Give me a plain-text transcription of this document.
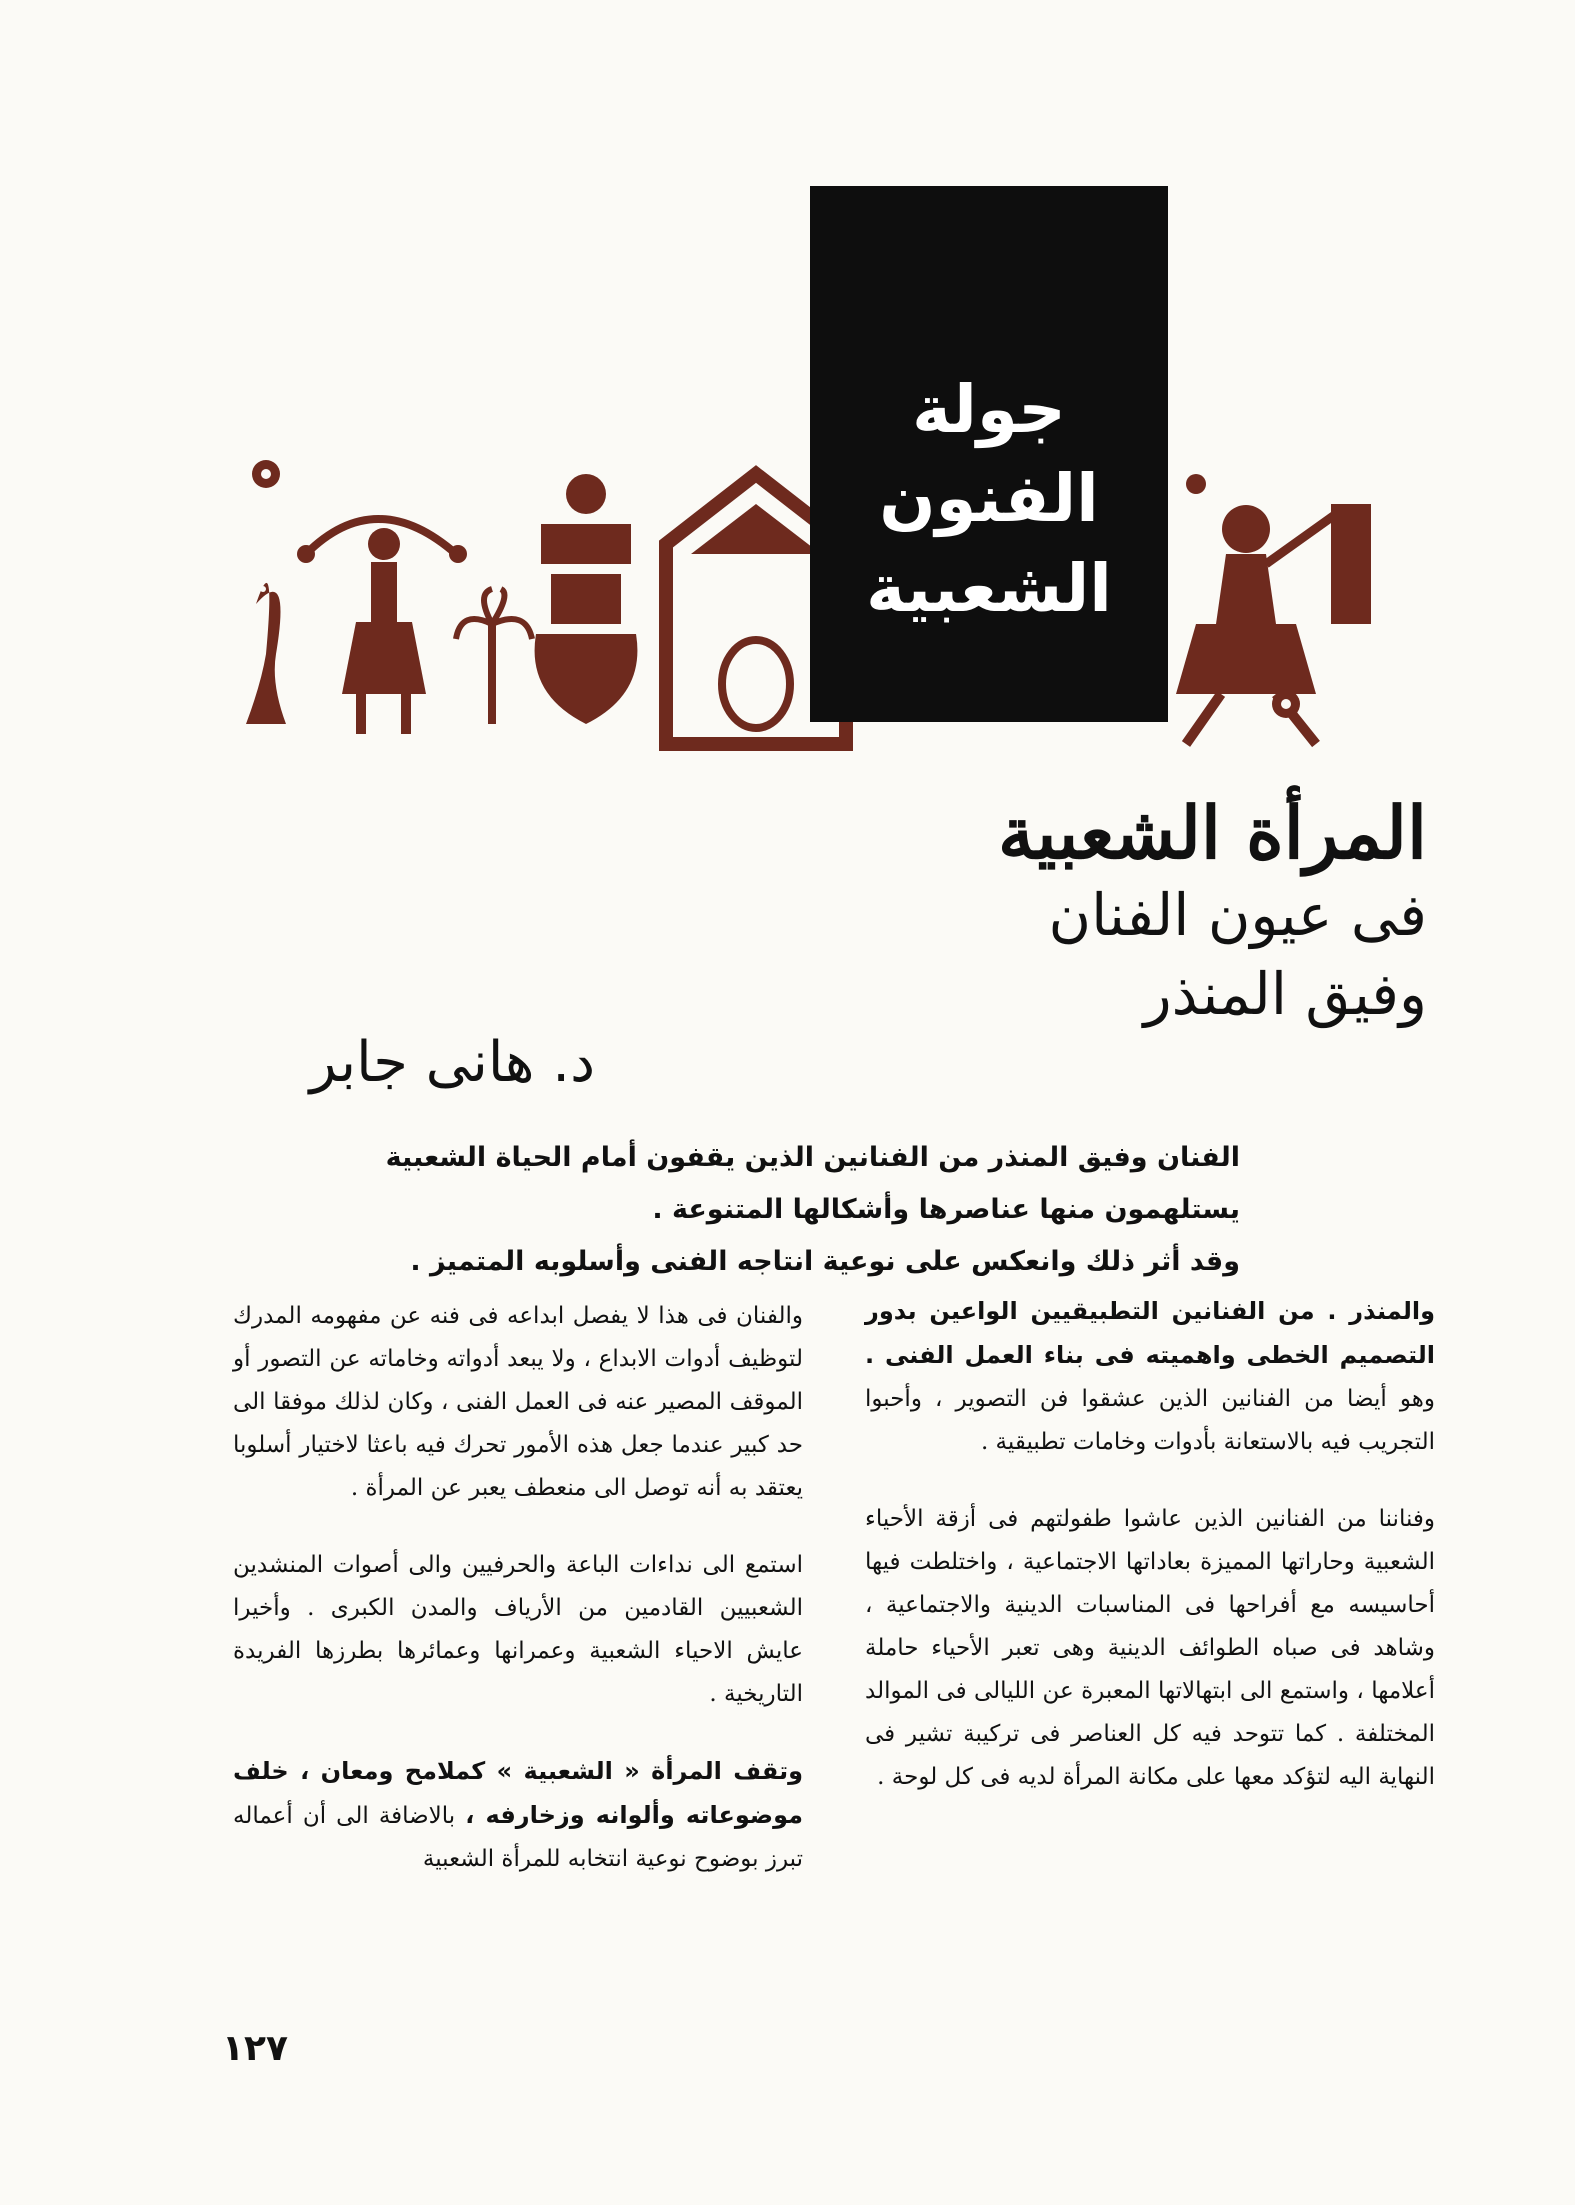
جولة
الفنون
الشعبية
المرأة الشعبية
فى عيون الفنان
وفيق المنذر
د. هانى جابر
الفنان وفيق المنذر من الفنانين الذين يقفون أمام الحياة الشعبية
يستلهمون منها عناصرها وأشكالها المتنوعة .
وقد أثر ذلك وانعكس على نوعية انتاجه الفنى وأسلوبه المتميز .

والمنذر . من الفنانين التطبيقيين الواعين بدور التصميم الخطى واهميته فى بناء العمل الفنى . وهو أيضا من الفنانين الذين عشقوا فن التصوير ، وأحبوا التجريب فيه بالاستعانة بأدوات وخامات تطبيقية .

وفناننا من الفنانين الذين عاشوا طفولتهم فى أزقة الأحياء الشعبية وحاراتها المميزة بعاداتها الاجتماعية ، واختلطت فيها أحاسيسه مع أفراحها فى المناسبات الدينية والاجتماعية ، وشاهد فى صباه الطوائف الدينية وهى تعبر الأحياء حاملة أعلامها ، واستمع الى ابتهالاتها المعبرة عن الليالى فى الموالد المختلفة . كما تتوحد فيه كل العناصر فى تركيبة تشير فى النهاية اليه لتؤكد معها على مكانة المرأة لديه فى كل لوحة .

والفنان فى هذا لا يفصل ابداعه فى فنه عن مفهومه المدرك لتوظيف أدوات الابداع ، ولا يبعد أدواته وخاماته عن التصور أو الموقف المصير عنه فى العمل الفنى ، وكان لذلك موفقا الى حد كبير عندما جعل هذه الأمور تحرك فيه باعثا لاختيار أسلوبا يعتقد به أنه توصل الى منعطف يعبر عن المرأة .

استمع الى نداءات الباعة والحرفيين والى أصوات المنشدين الشعبيين القادمين من الأرياف والمدن الكبرى . وأخيرا عايش الاحياء الشعبية وعمرانها وعمائرها بطرزها الفريدة التاريخية .

وتقف المرأة « الشعبية » كملامح ومعان ، خلف موضوعاته وألوانه وزخارفه ، بالاضافة الى أن أعماله تبرز بوضوح نوعية انتخابه للمرأة الشعبية

١٢٧
